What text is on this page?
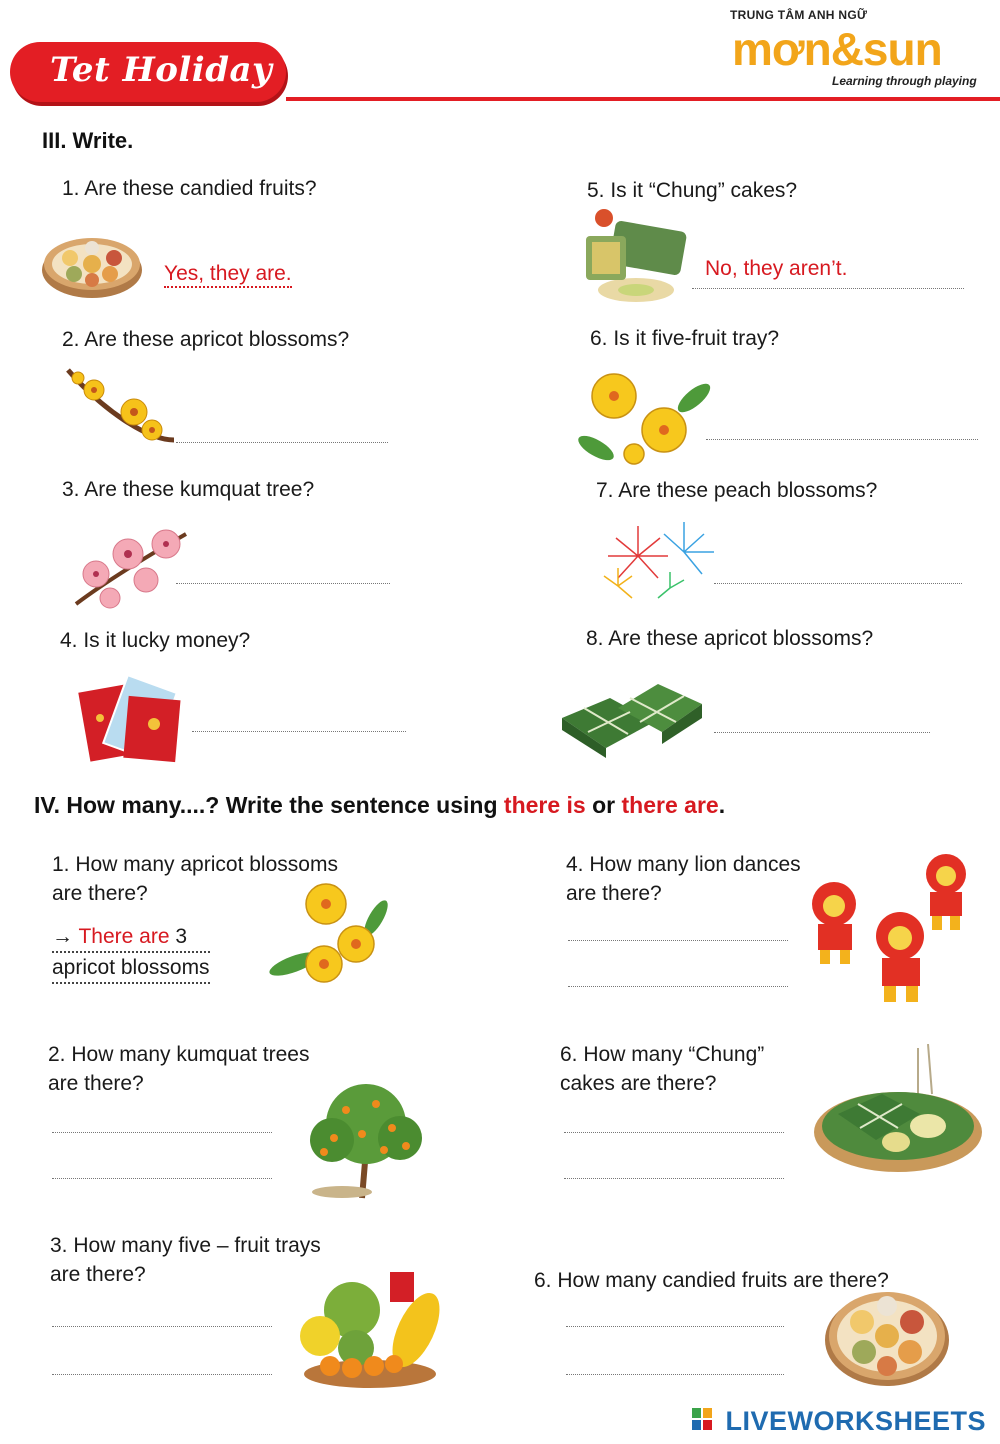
Tet Holiday
TRUNG TÂM ANH NGỮ
mơn&sun
Learning through playing
III. Write.
1. Are these candied fruits?
Yes, they are.
2. Are these apricot blossoms?
3. Are these kumquat tree?
4. Is it lucky money?
5. Is it “Chung” cakes?
No, they aren’t.
6. Is it five-fruit tray?
7. Are these peach blossoms?
8. Are these apricot blossoms?
IV. How many....? Write the sentence using there is or there are.
1. How many apricot blossoms
are there?
→ There are 3
apricot blossoms
2. How many kumquat trees
are there?
3. How many five – fruit trays
are there?
4. How many lion dances
are there?
6. How many “Chung”
cakes are there?
6. How many candied fruits are there?
LIVEWORKSHEETS
